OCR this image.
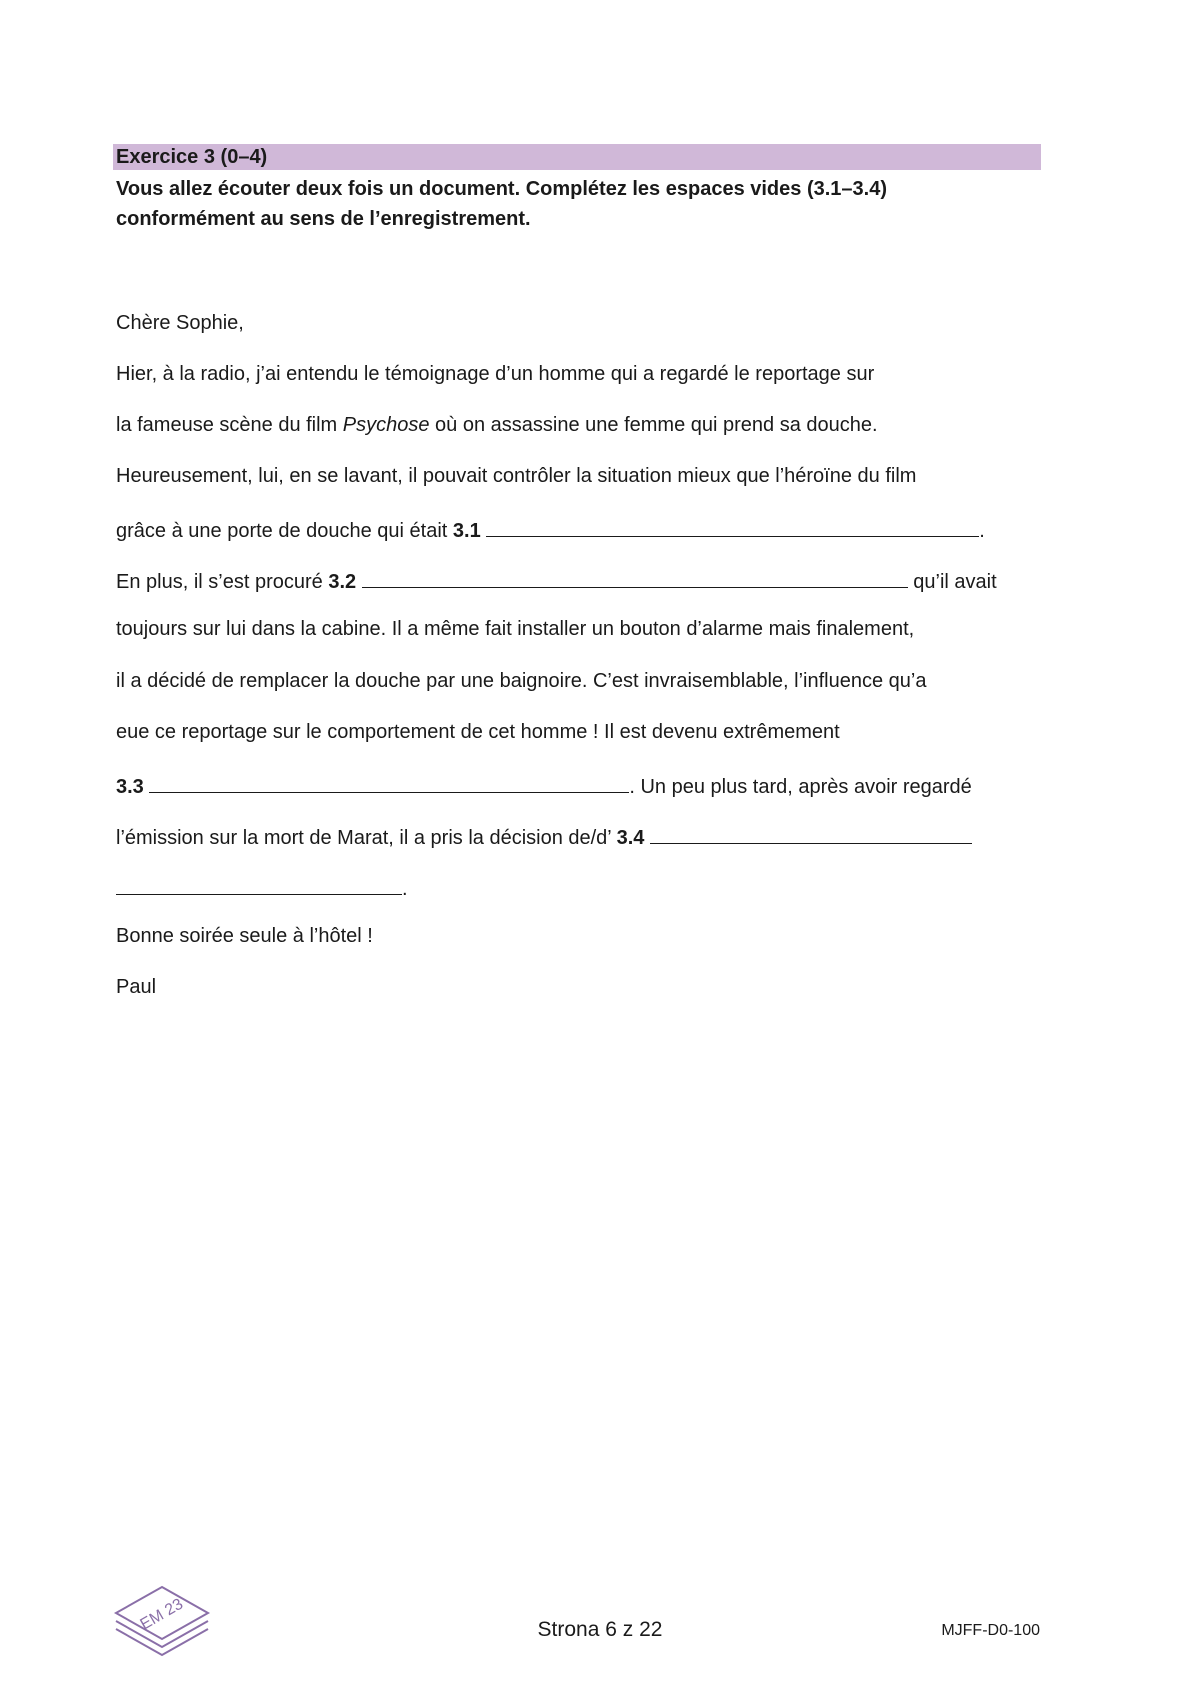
Exercice 3 (0–4)
Vous allez écouter deux fois un document. Complétez les espaces vides (3.1–3.4) conformément au sens de l’enregistrement.
Chère Sophie,
Hier, à la radio, j’ai entendu le témoignage d’un homme qui a regardé le reportage sur
la fameuse scène du film Psychose où on assassine une femme qui prend sa douche.
Heureusement, lui, en se lavant, il pouvait contrôler la situation mieux que l’héroïne du film
grâce à une porte de douche qui était 3.1	.
En plus, il s’est procuré 3.2	qu’il avait
toujours sur lui dans la cabine. Il a même fait installer un bouton d’alarme mais finalement,
il a décidé de remplacer la douche par une baignoire. C’est invraisemblable, l’influence qu’a
eue ce reportage sur le comportement de cet homme ! Il est devenu extrêmement
3.3	. Un peu plus tard, après avoir regardé
l’émission sur la mort de Marat, il a pris la décision de/d’ 3.4
.
Bonne soirée seule à l’hôtel !
Paul
EM 23	Strona 6 z 22	MJFF-D0-100
